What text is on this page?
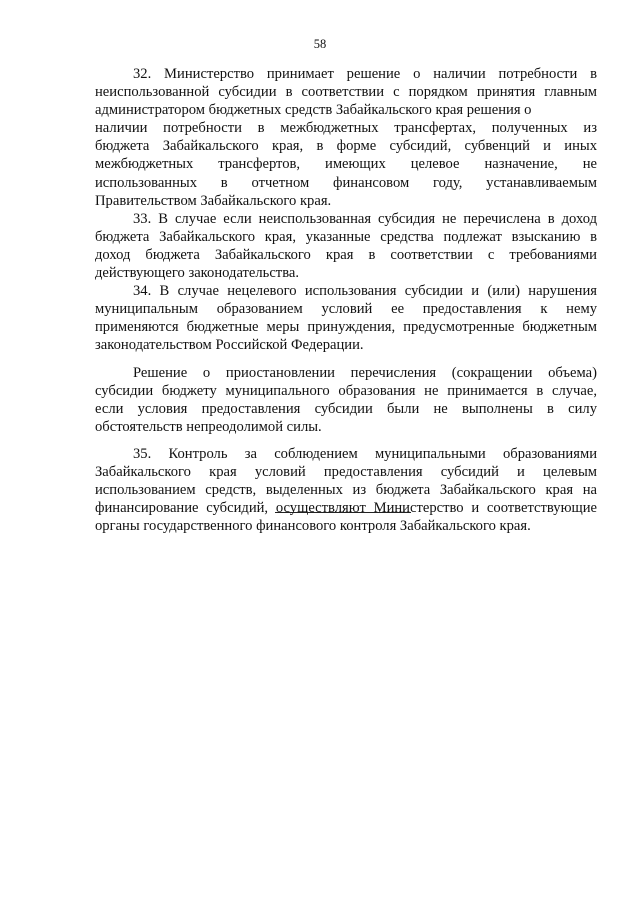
58
32. Министерство принимает решение о наличии потребности в
неиспользованной субсидии в соответствии с порядком принятия главным
администратором бюджетных средств Забайкальского края решения о
наличии потребности в межбюджетных трансфертах, полученных из
бюджета Забайкальского края, в форме субсидий, субвенций и иных
межбюджетных трансфертов, имеющих целевое назначение, не
использованных в отчетном финансовом году, устанавливаемым
Правительством Забайкальского края.
33. В случае если неиспользованная субсидия не перечислена в доход
бюджета Забайкальского края, указанные средства подлежат взысканию в
доход бюджета Забайкальского края в соответствии с требованиями
действующего законодательства.
34. В случае нецелевого использования субсидии и (или) нарушения
муниципальным образованием условий ее предоставления к нему
применяются бюджетные меры принуждения, предусмотренные бюджетным
законодательством Российской Федерации.
Решение о приостановлении перечисления (сокращении объема)
субсидии бюджету муниципального образования не принимается в случае,
если условия предоставления субсидии были не выполнены в силу
обстоятельств непреодолимой силы.
35. Контроль за соблюдением муниципальными образованиями
Забайкальского края условий предоставления субсидий и целевым
использованием средств, выделенных из бюджета Забайкальского края на
финансирование субсидий, осуществляют Министерство и соответствующие
органы государственного финансового контроля Забайкальского края.
